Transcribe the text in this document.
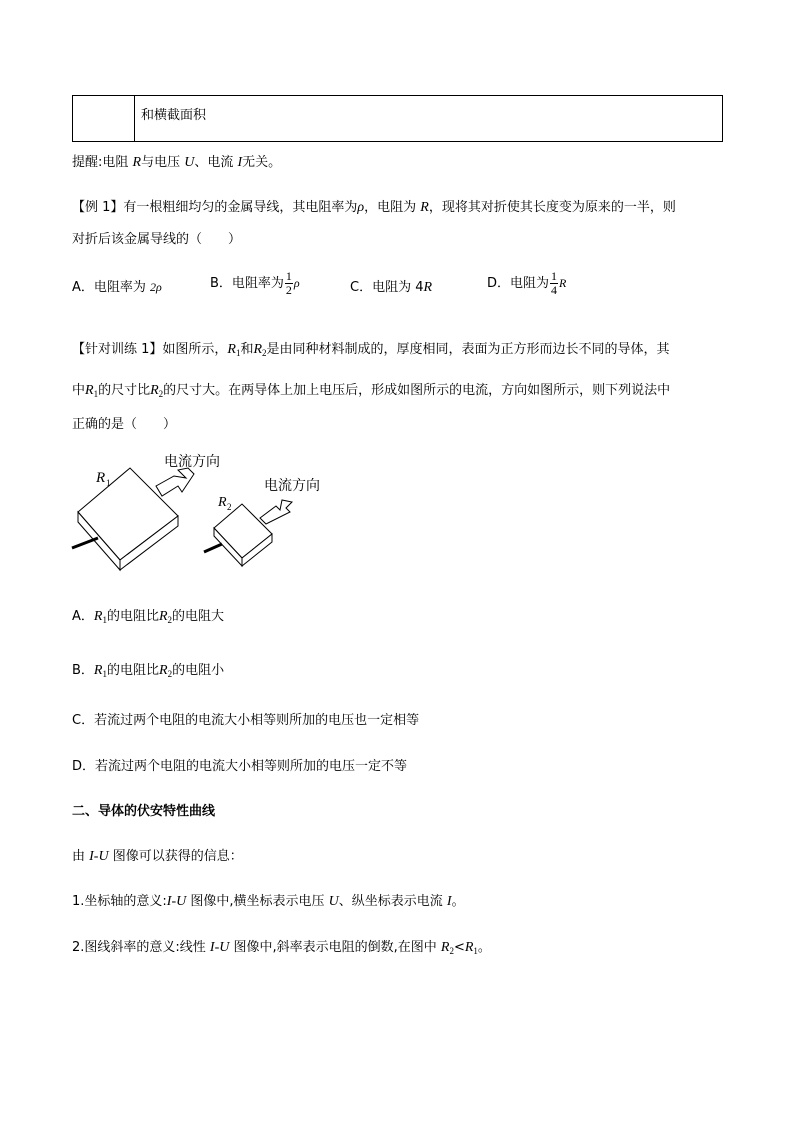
	和横截面积
提醒:电阻 R与电压 U、电流 I无关。
【例 1】有一根粗细均匀的金属导线，其电阻率为ρ，电阻为 R，现将其对折使其长度变为原来的一半，则
对折后该金属导线的（　　）
A．电阻率为 2ρ	B．电阻率为 $\frac{1}{2}$ ρ	C．电阻为 4R	D．电阻为 $\frac{1}{4}$ R
【针对训练 1】如图所示，$R_1$和$R_2$是由同种材料制成的，厚度相同，表面为正方形而边长不同的导体，其
中$R_1$的尺寸比$R_2$的尺寸大。在两导体上加上电压后，形成如图所示的电流，方向如图所示，则下列说法中
正确的是（　　）
R 1
电流方向
R 2
电流方向
A．$R_1$的电阻比$R_2$的电阻大
B．$R_1$的电阻比$R_2$的电阻小
C．若流过两个电阻的电流大小相等则所加的电压也一定相等
D．若流过两个电阻的电流大小相等则所加的电压一定不等
二、导体的伏安特性曲线
由 I-U 图像可以获得的信息：
1.坐标轴的意义:I-U 图像中,横坐标表示电压 U、纵坐标表示电流 I。
2.图线斜率的意义:线性 I-U 图像中,斜率表示电阻的倒数,在图中 $R_2<R_1$。
